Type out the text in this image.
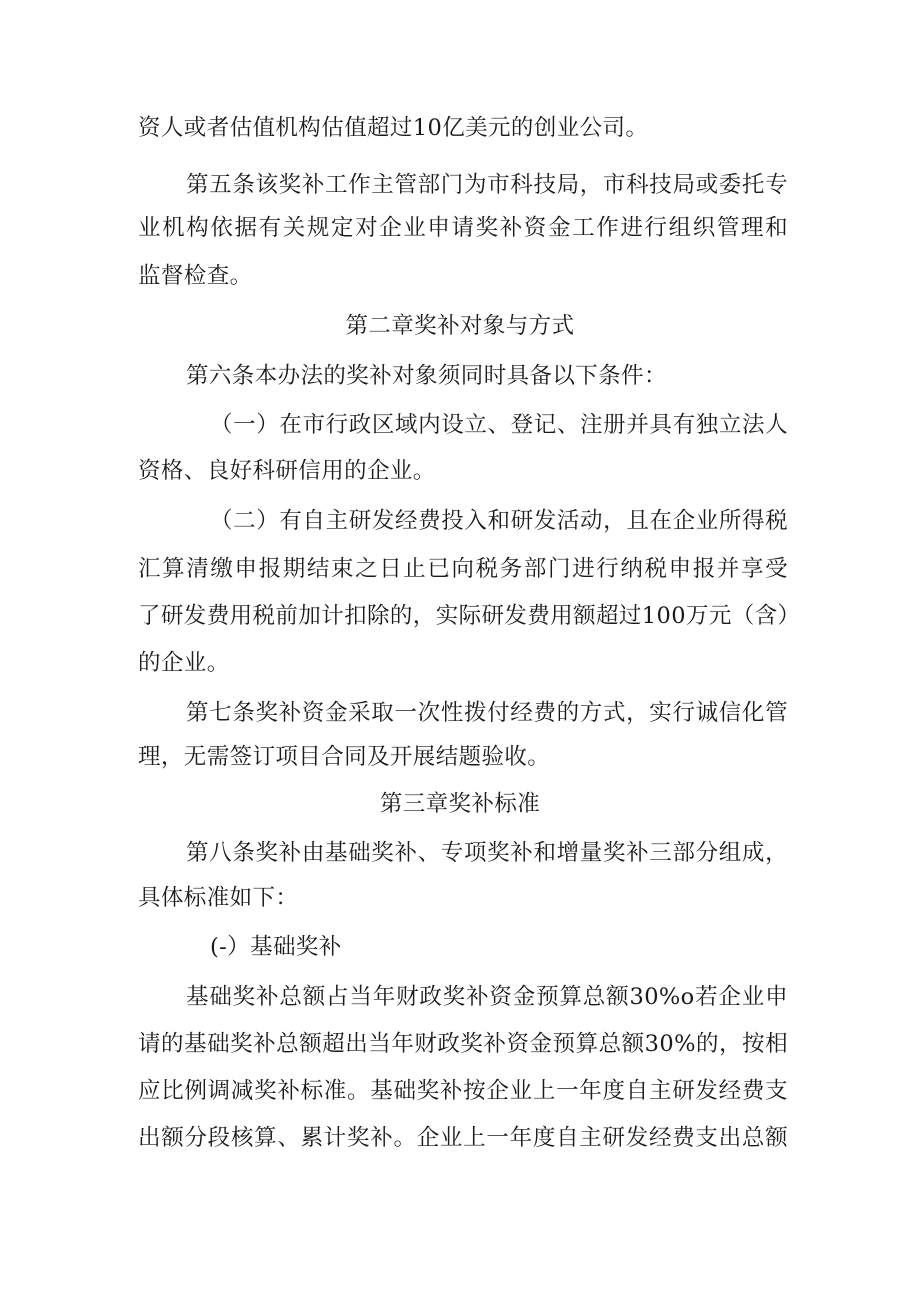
资人或者估值机构估值超过10亿美元的创业公司。
第五条该奖补工作主管部门为市科技局，市科技局或委托专
业机构依据有关规定对企业申请奖补资金工作进行组织管理和
监督检查。
第二章奖补对象与方式
第六条本办法的奖补对象须同时具备以下条件：
（一）在市行政区域内设立、登记、注册并具有独立法人
资格、良好科研信用的企业。
（二）有自主研发经费投入和研发活动，且在企业所得税
汇算清缴申报期结束之日止已向税务部门进行纳税申报并享受
了研发费用税前加计扣除的，实际研发费用额超过100万元（含）
的企业。
第七条奖补资金采取一次性拨付经费的方式，实行诚信化管
理，无需签订项目合同及开展结题验收。
第三章奖补标准
第八条奖补由基础奖补、专项奖补和增量奖补三部分组成，
具体标准如下：
(-）基础奖补
基础奖补总额占当年财政奖补资金预算总额30%o若企业申
请的基础奖补总额超出当年财政奖补资金预算总额30%的，按相
应比例调减奖补标准。基础奖补按企业上一年度自主研发经费支
出额分段核算、累计奖补。企业上一年度自主研发经费支出总额
